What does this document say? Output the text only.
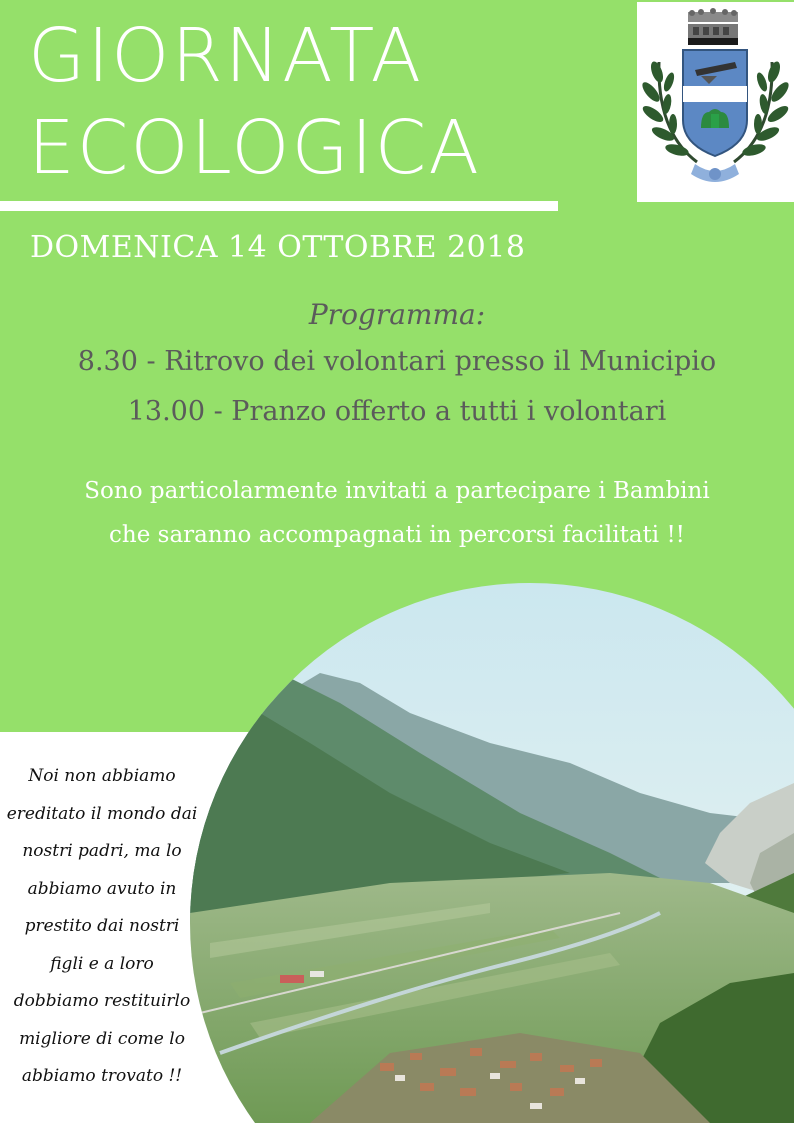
GIORNATA
ECOLOGICA
DOMENICA 14 OTTOBRE 2018
Programma:
8.30 - Ritrovo dei volontari presso il Municipio
13.00 - Pranzo offerto a tutti i volontari
Sono particolarmente invitati a partecipare i Bambini
che saranno accompagnati in percorsi facilitati !!
Noi non abbiamo
ereditato il mondo dai
nostri padri, ma lo
abbiamo avuto in
prestito dai nostri
figli e a loro
dobbiamo restituirlo
migliore di come lo
abbiamo trovato !!
